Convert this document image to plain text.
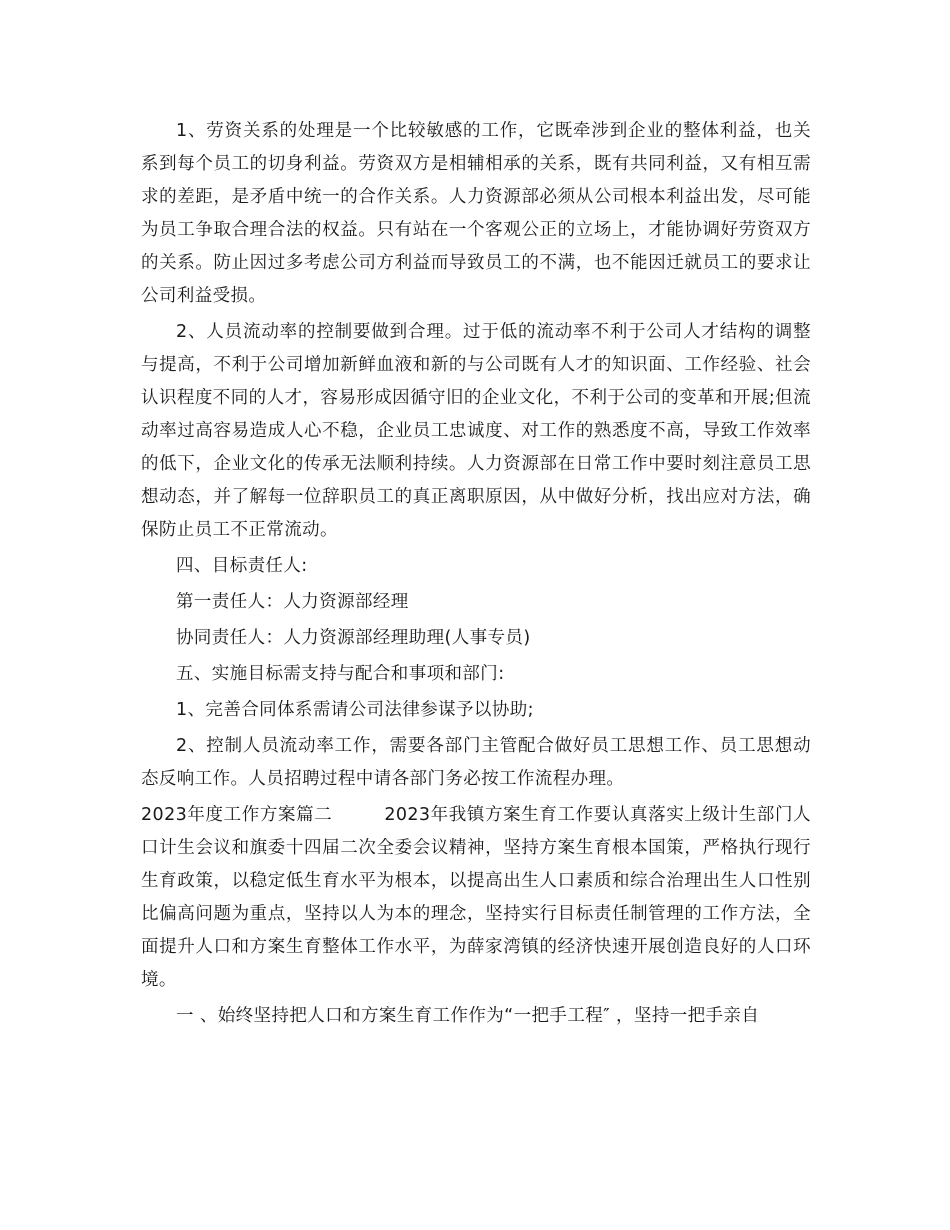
1、劳资关系的处理是一个比较敏感的工作，它既牵涉到企业的整体利益，也关系到每个员工的切身利益。劳资双方是相辅相承的关系，既有共同利益，又有相互需求的差距，是矛盾中统一的合作关系。人力资源部必须从公司根本利益出发，尽可能为员工争取合理合法的权益。只有站在一个客观公正的立场上，才能协调好劳资双方的关系。防止因过多考虑公司方利益而导致员工的不满，也不能因迁就员工的要求让公司利益受损。

2、人员流动率的控制要做到合理。过于低的流动率不利于公司人才结构的调整与提高，不利于公司增加新鲜血液和新的与公司既有人才的知识面、工作经验、社会认识程度不同的人才，容易形成因循守旧的企业文化，不利于公司的变革和开展;但流动率过高容易造成人心不稳，企业员工忠诚度、对工作的熟悉度不高，导致工作效率的低下，企业文化的传承无法顺利持续。人力资源部在日常工作中要时刻注意员工思想动态，并了解每一位辞职员工的真正离职原因，从中做好分析，找出应对方法，确保防止员工不正常流动。

四、目标责任人:

第一责任人：人力资源部经理

协同责任人：人力资源部经理助理(人事专员)

五、实施目标需支持与配合和事项和部门:

1、完善合同体系需请公司法律参谋予以协助;

2、控制人员流动率工作，需要各部门主管配合做好员工思想工作、员工思想动态反响工作。人员招聘过程中请各部门务必按工作流程办理。

2023年度工作方案篇二	2023年我镇方案生育工作要认真落实上级计生部门人口计生会议和旗委十四届二次全委会议精神，坚持方案生育根本国策，严格执行现行生育政策，以稳定低生育水平为根本，以提高出生人口素质和综合治理出生人口性别比偏高问题为重点，坚持以人为本的理念，坚持实行目标责任制管理的工作方法，全面提升人口和方案生育整体工作水平，为薛家湾镇的经济快速开展创造良好的人口环境。

一 、始终坚持把人口和方案生育工作作为“一把手工程″ ，坚持一把手亲自
